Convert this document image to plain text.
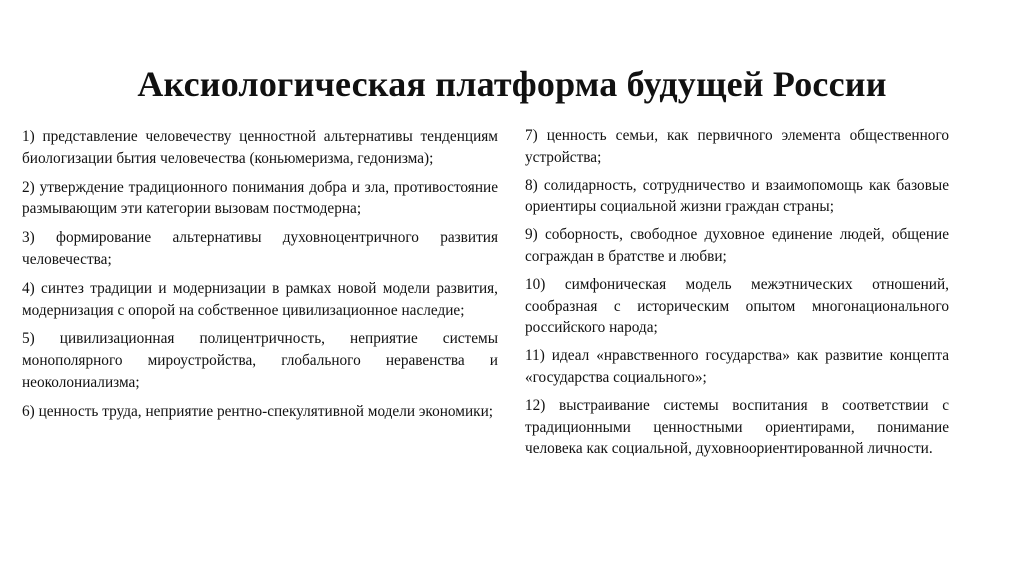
Аксиологическая платформа будущей России

1) представление человечеству ценностной альтернативы тенденциям биологизации бытия человечества (коньюмеризма, гедонизма);

2) утверждение традиционного понимания добра и зла, противостояние размывающим эти категории вызовам постмодерна;

3) формирование альтернативы духовноцентричного развития человечества;

4) синтез традиции и модернизации в рамках новой модели развития, модернизация с опорой на собственное цивилизационное наследие;

5) цивилизационная полицентричность, неприятие системы монополярного мироустройства, глобального неравенства и неоколониализма;

6) ценность труда, неприятие рентно-спекулятивной модели экономики;

7) ценность семьи, как первичного элемента общественного устройства;

8) солидарность, сотрудничество и взаимопомощь как базовые ориентиры социальной жизни граждан страны;

9) соборность, свободное духовное единение людей, общение сограждан в братстве и любви;

10) симфоническая модель межэтнических отношений, сообразная с историческим опытом многонационального российского народа;

11) идеал «нравственного государства» как развитие концепта «государства социального»;

12) выстраивание системы воспитания в соответствии с традиционными ценностными ориентирами, понимание человека как социальной, духовноориентированной личности.
